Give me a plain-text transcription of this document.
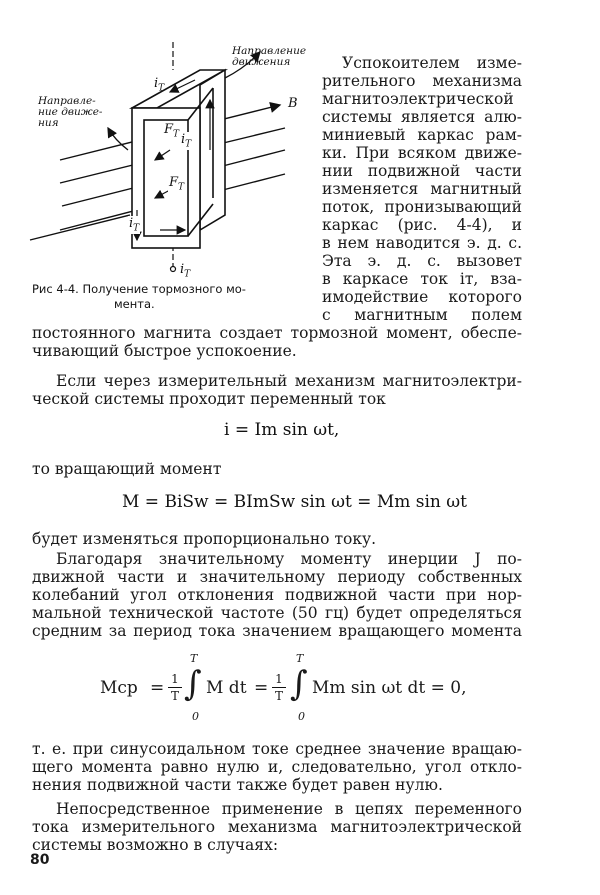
Направление
движения
Направле-
ние движе-
ния
$i_T$
$i_T$
$F_T$
$F_T$
$i_T$
$i_T$
B
Рис 4-4. Получение тормозного мо-
мента.
Успокоителем изме-
рительного механизма
магнитоэлектрической
системы является алю-
миниевый каркас рам-
ки. При всяком движе-
нии подвижной части
изменяется магнитный
поток, пронизывающий
каркас (рис. 4-4), и
в нем наводится э. д. с.
Эта э. д. с. вызовет
в каркасе ток iт, вза-
имодействие которого
с магнитным полем
постоянного магнита создает тормозной момент, обеспе-
чивающий быстрое успокоение.
Если через измерительный механизм магнитоэлектри-
ческой системы проходит переменный ток
i = Im sin ωt,
то вращающий момент
M = BiSw = BImSw sin ωt = Mm sin ωt
будет изменяться пропорционально току.
Благодаря значительному моменту инерции J по-
движной части и значительному периоду собственных
колебаний угол отклонения подвижной части при нор-
мальной технической частоте (50 гц) будет определяться
средним за период тока значением вращающего момента
Mср = 1
T
T
∫
0
M dt = 1
T
T
∫
0
Mm sin ωt dt = 0,
т. е. при синусоидальном токе среднее значение вращаю-
щего момента равно нулю и, следовательно, угол откло-
нения подвижной части также будет равен нулю.
Непосредственное применение в цепях переменного
тока измерительного механизма магнитоэлектрической
системы возможно в случаях:
80
